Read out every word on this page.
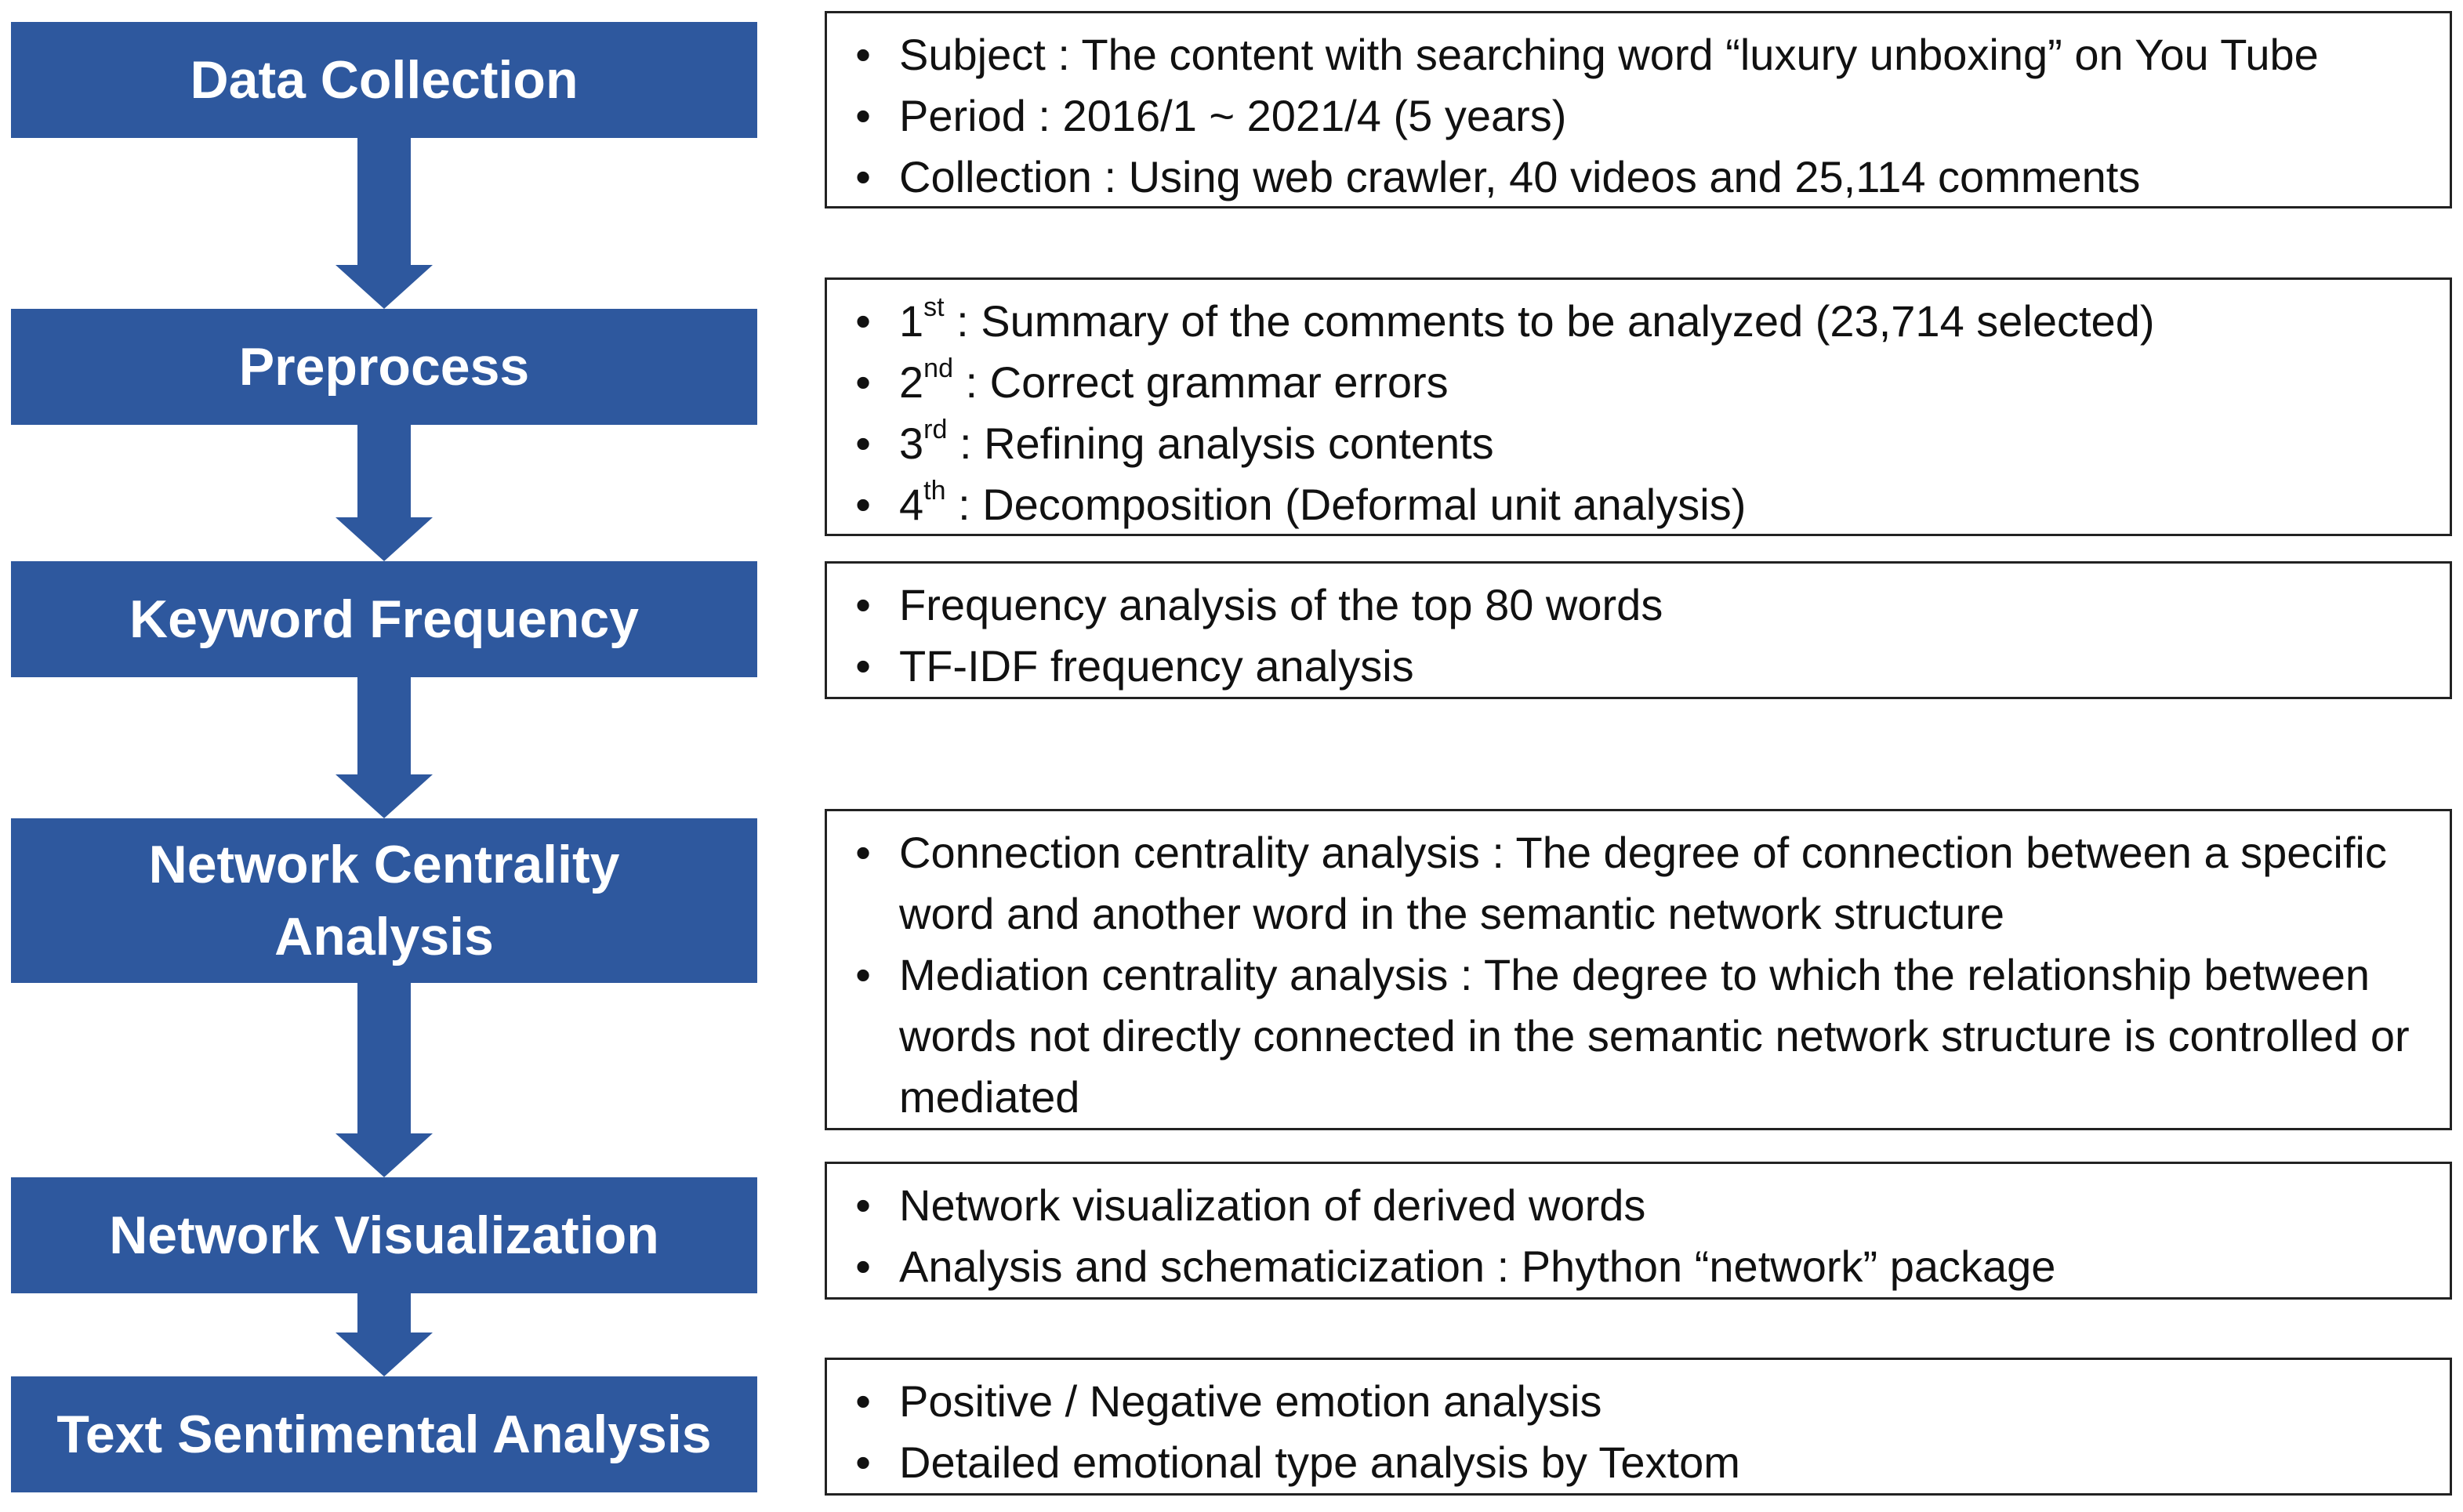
Data Collection
Preprocess
Keyword Frequency
Network Centrality
Analysis
Network Visualization
Text Sentimental Analysis
• Subject : The content with searching word “luxury unboxing” on You Tube
• Period : 2016/1 ~ 2021/4 (5 years)
• Collection : Using web crawler, 40 videos and 25,114 comments
• 1st : Summary of the comments to be analyzed (23,714 selected)
• 2nd : Correct grammar errors
• 3rd : Refining analysis contents
• 4th : Decomposition (Deformal unit analysis)
• Frequency analysis of the top 80 words
• TF-IDF frequency analysis
• Connection centrality analysis : The degree of connection between a specific word and another word in the semantic network structure
• Mediation centrality analysis : The degree to which the relationship between words not directly connected in the semantic network structure is controlled or mediated
• Network visualization of derived words
• Analysis and schematicization : Phython “network” package
• Positive / Negative emotion analysis
• Detailed emotional type analysis by Textom
